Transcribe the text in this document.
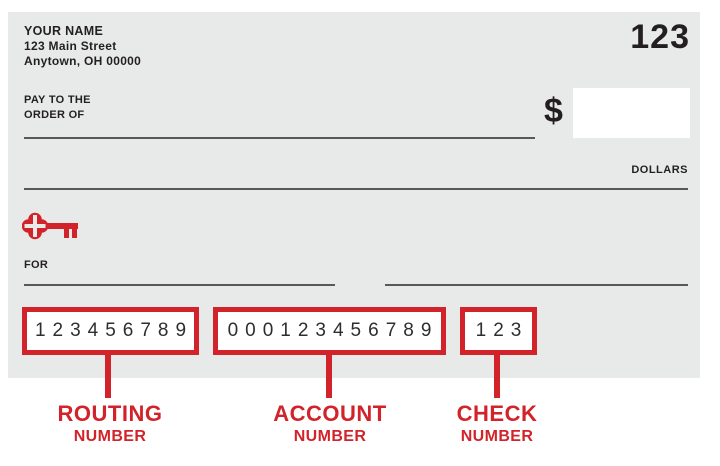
YOUR NAME
123 Main Street
Anytown, OH 00000
123
PAY TO THE
ORDER OF	$
DOLLARS
FOR
123456789	000123456789	123
ROUTING
NUMBER
ACCOUNT
NUMBER
CHECK
NUMBER
